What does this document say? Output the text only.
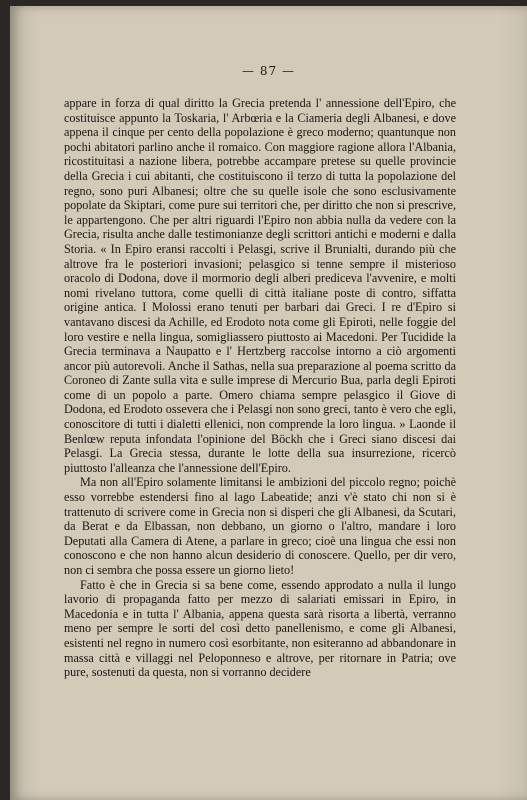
— 87 —

appare in forza di qual diritto la Grecia pretenda l' annessione dell'Epiro, che costituisce appunto la Toskaria, l' Arbœria e la Ciameria degli Albanesi, e dove appena il cinque per cento della popolazione è greco moderno; quantunque non pochi abitatori parlino anche il romaico. Con maggiore ragione allora l'Albania, ricostituitasi a nazione libera, potrebbe accampare pretese su quelle provincie della Grecia i cui abitanti, che costituiscono il terzo di tutta la popolazione del regno, sono puri Albanesi; oltre che su quelle isole che sono esclusivamente popolate da Skiptari, come pure sui territori che, per diritto che non si prescrive, le appartengono. Che per altri riguardi l'Epiro non abbia nulla da vedere con la Grecia, risulta anche dalle testimonianze degli scrittori antichi e moderni e dalla Storia. « In Epiro eransi raccolti i Pelasgi, scrive il Brunialti, durando più che altrove fra le posteriori invasioni; pelasgico si tenne sempre il misterioso oracolo di Dodona, dove il mormorio degli alberi prediceva l'avvenire, e molti nomi rivelano tuttora, come quelli di città italiane poste di contro, siffatta origine antica. I Molossi erano tenuti per barbari dai Greci. I re d'Epiro si vantavano discesi da Achille, ed Erodoto nota come gli Epiroti, nelle foggie del loro vestire e nella lingua, somigliassero piuttosto ai Macedoni. Per Tucidide la Grecia terminava a Naupatto e l' Hertzberg raccolse intorno a ciò argomenti ancor più autorevoli. Anche il Sathas, nella sua preparazione al poema scritto da Coroneo di Zante sulla vita e sulle imprese di Mercurio Bua, parla degli Epiroti come di un popolo a parte. Omero chiama sempre pelasgico il Giove di Dodona, ed Erodoto ossevera che i Pelasgi non sono greci, tanto è vero che egli, conoscitore di tutti i dialetti ellenici, non comprende la loro lingua. » Laonde il Benlœw reputa infondata l'opinione del Böckh che i Greci siano discesi dai Pelasgi. La Grecia stessa, durante le lotte della sua insurrezione, ricercò piuttosto l'alleanza che l'annessione dell'Epiro.

Ma non all'Epiro solamente limitansi le ambizioni del piccolo regno; poichè esso vorrebbe estendersi fino al lago Labeatide; anzi v'è stato chi non si è trattenuto di scrivere come in Grecia non si disperi che gli Albanesi, da Scutari, da Berat e da Elbassan, non debbano, un giorno o l'altro, mandare i loro Deputati alla Camera di Atene, a parlare in greco; cioè una lingua che essi non conoscono e che non hanno alcun desiderio di conoscere. Quello, per dir vero, non ci sembra che possa essere un giorno lieto!

Fatto è che in Grecia si sa bene come, essendo approdato a nulla il lungo lavorio di propaganda fatto per mezzo di salariati emissari in Epiro, in Macedonia e in tutta l' Albania, appena questa sarà risorta a libertà, verranno meno per sempre le sorti del così detto panellenismo, e come gli Albanesi, esistenti nel regno in numero così esorbitante, non esiteranno ad abbandonare in massa città e villaggi nel Peloponneso e altrove, per ritornare in Patria; ove pure, sostenuti da questa, non si vorranno decidere
